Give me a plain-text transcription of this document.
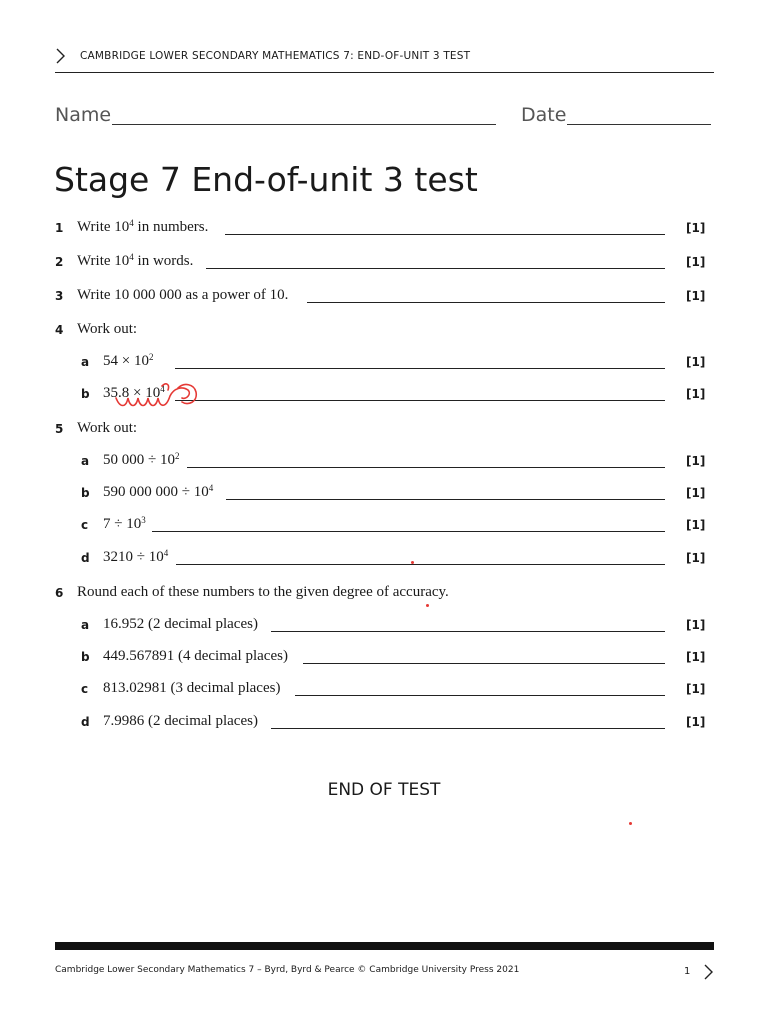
CAMBRIDGE LOWER SECONDARY MATHEMATICS 7: END-OF-UNIT 3 TEST
Name	Date
Stage 7 End-of-unit 3 test
1 Write $10^4$ in numbers.	[1]
2 Write $10^4$ in words.	[1]
3 Write 10 000 000 as a power of 10.	[1]
4 Work out:
a $54 \times 10^2$	[1]
b $35.8 \times 10^4$	[1]
5 Work out:
a 50 $000 \div 10^2$	[1]
b 590 000 $000 \div 10^4$	[1]
c $7 \div 10^3$	[1]
d $3210 \div 10^4$	[1]
6 Round each of these numbers to the given degree of accuracy.
a 16.952 (2 decimal places)	[1]
b 449.567891 (4 decimal places)	[1]
c 813.02981 (3 decimal places)	[1]
d 7.9986 (2 decimal places)	[1]
END OF TEST
Cambridge Lower Secondary Mathematics 7 – Byrd, Byrd & Pearce © Cambridge University Press 2021	1
